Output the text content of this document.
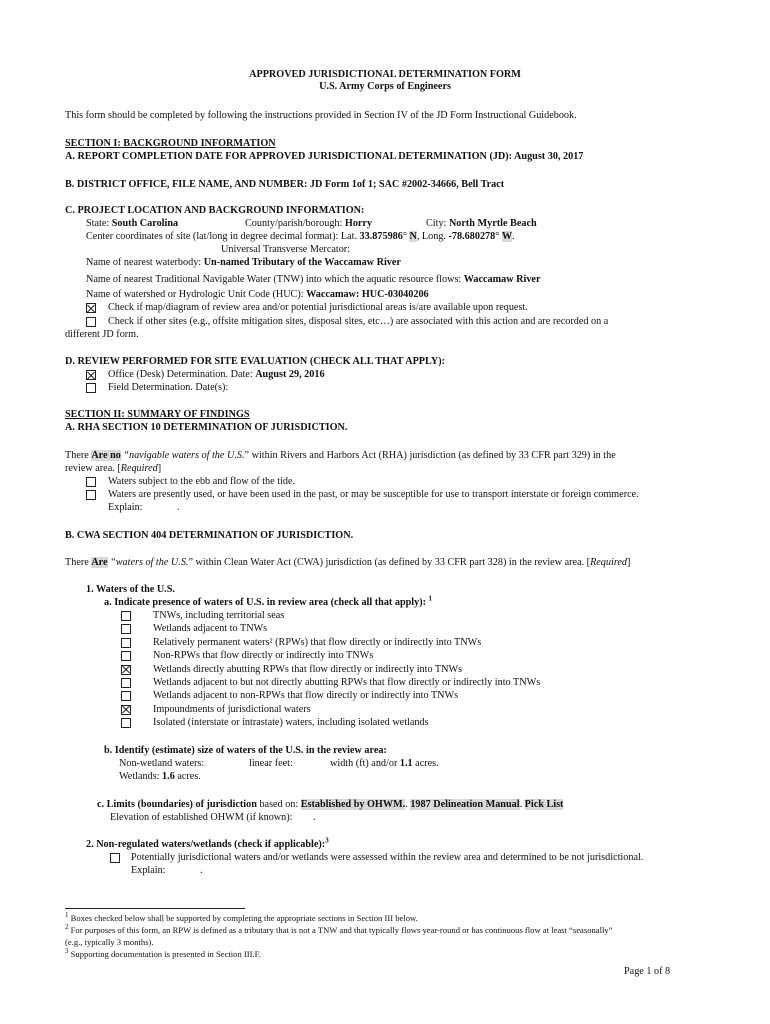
APPROVED JURISDICTIONAL DETERMINATION FORM
U.S. Army Corps of Engineers
This form should be completed by following the instructions provided in Section IV of the JD Form Instructional Guidebook.
SECTION I: BACKGROUND INFORMATION
A. REPORT COMPLETION DATE FOR APPROVED JURISDICTIONAL DETERMINATION (JD): August 30, 2017
B. DISTRICT OFFICE, FILE NAME, AND NUMBER: JD Form 1of 1; SAC #2002-34666, Bell Tract
C. PROJECT LOCATION AND BACKGROUND INFORMATION:
State: South Carolina	County/parish/borough: Horry	City: North Myrtle Beach
Center coordinates of site (lat/long in degree decimal format): Lat. 33.875986° N, Long. -78.680278° W.
Universal Transverse Mercator:
Name of nearest waterbody: Un-named Tributary of the Waccamaw River
Name of nearest Traditional Navigable Water (TNW) into which the aquatic resource flows: Waccamaw River
Name of watershed or Hydrologic Unit Code (HUC): Waccamaw: HUC-03040206
Check if map/diagram of review area and/or potential jurisdictional areas is/are available upon request.
Check if other sites (e.g., offsite mitigation sites, disposal sites, etc…) are associated with this action and are recorded on a
different JD form.
D. REVIEW PERFORMED FOR SITE EVALUATION (CHECK ALL THAT APPLY):
Office (Desk) Determination. Date: August 29, 2016
Field Determination. Date(s):
SECTION II: SUMMARY OF FINDINGS
A. RHA SECTION 10 DETERMINATION OF JURISDICTION.
There Are no “navigable waters of the U.S.” within Rivers and Harbors Act (RHA) jurisdiction (as defined by 33 CFR part 329) in the
review area. [Required]
Waters subject to the ebb and flow of the tide.
Waters are presently used, or have been used in the past, or may be susceptible for use to transport interstate or foreign commerce.
Explain:	.
B. CWA SECTION 404 DETERMINATION OF JURISDICTION.
There Are “waters of the U.S.” within Clean Water Act (CWA) jurisdiction (as defined by 33 CFR part 328) in the review area. [Required]
1. Waters of the U.S.
a. Indicate presence of waters of U.S. in review area (check all that apply): $^1$
TNWs, including territorial seas
Wetlands adjacent to TNWs
Relatively permanent waters² (RPWs) that flow directly or indirectly into TNWs
Non-RPWs that flow directly or indirectly into TNWs
Wetlands directly abutting RPWs that flow directly or indirectly into TNWs
Wetlands adjacent to but not directly abutting RPWs that flow directly or indirectly into TNWs
Wetlands adjacent to non-RPWs that flow directly or indirectly into TNWs
Impoundments of jurisdictional waters
Isolated (interstate or intrastate) waters, including isolated wetlands
b. Identify (estimate) size of waters of the U.S. in the review area:
Non-wetland waters:	linear feet:	width (ft) and/or 1.1 acres.
Wetlands: 1.6 acres.
c. Limits (boundaries) of jurisdiction based on: Established by OHWM.. 1987 Delineation Manual. Pick List
Elevation of established OHWM (if known): .
2. Non-regulated waters/wetlands (check if applicable):$^3$
Potentially jurisdictional waters and/or wetlands were assessed within the review area and determined to be not jurisdictional.
Explain:	.
$^1$ Boxes checked below shall be supported by completing the appropriate sections in Section III below.
$^2$ For purposes of this form, an RPW is defined as a tributary that is not a TNW and that typically flows year-round or has continuous flow at least “seasonally”
(e.g., typically 3 months).
$^3$ Supporting documentation is presented in Section III.F.
Page 1 of 8
